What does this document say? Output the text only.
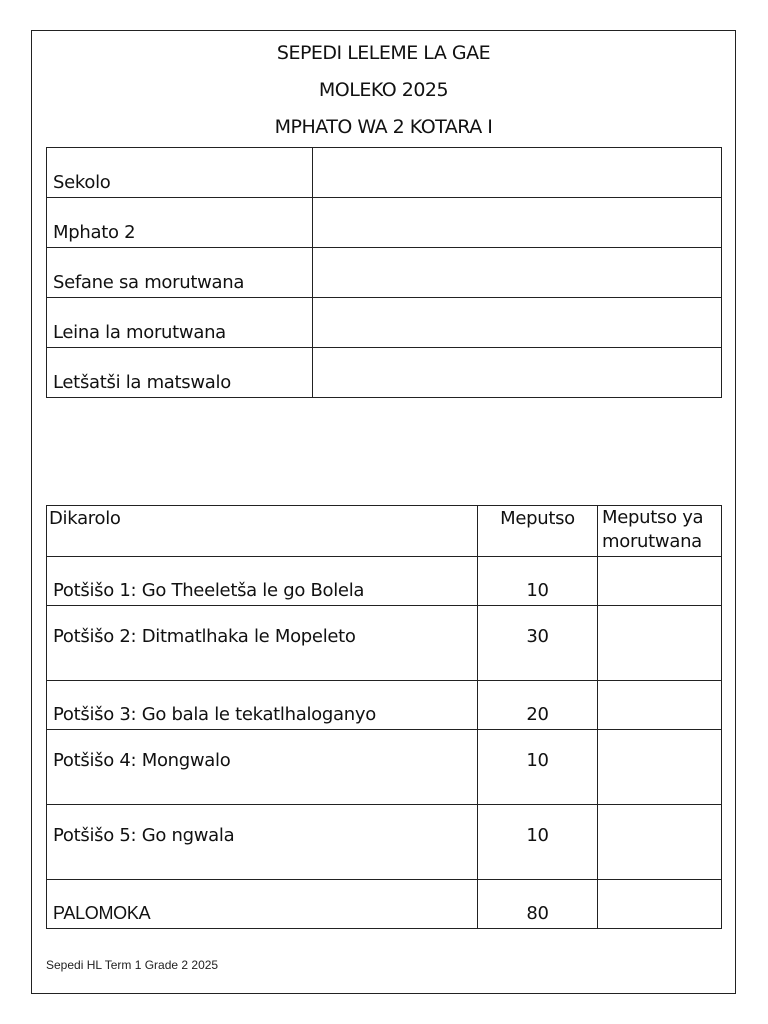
SEPEDI LELEME LA GAE
MOLEKO 2025
MPHATO WA 2 KOTARA I
Sekolo	
Mphato 2	
Sefane sa morutwana	
Leina la morutwana	
Letšatši la matswalo	
Dikarolo	Meputso	Meputso ya morutwana
Potšišo 1: Go Theeletša le go Bolela	10	
Potšišo 2: Ditmatlhaka le Mopeleto	30	
Potšišo 3: Go bala le tekatlhaloganyo	20	
Potšišo 4: Mongwalo	10	
Potšišo 5: Go ngwala	10	
PALOMOKA	80	
Sepedi HL Term 1 Grade 2 2025
